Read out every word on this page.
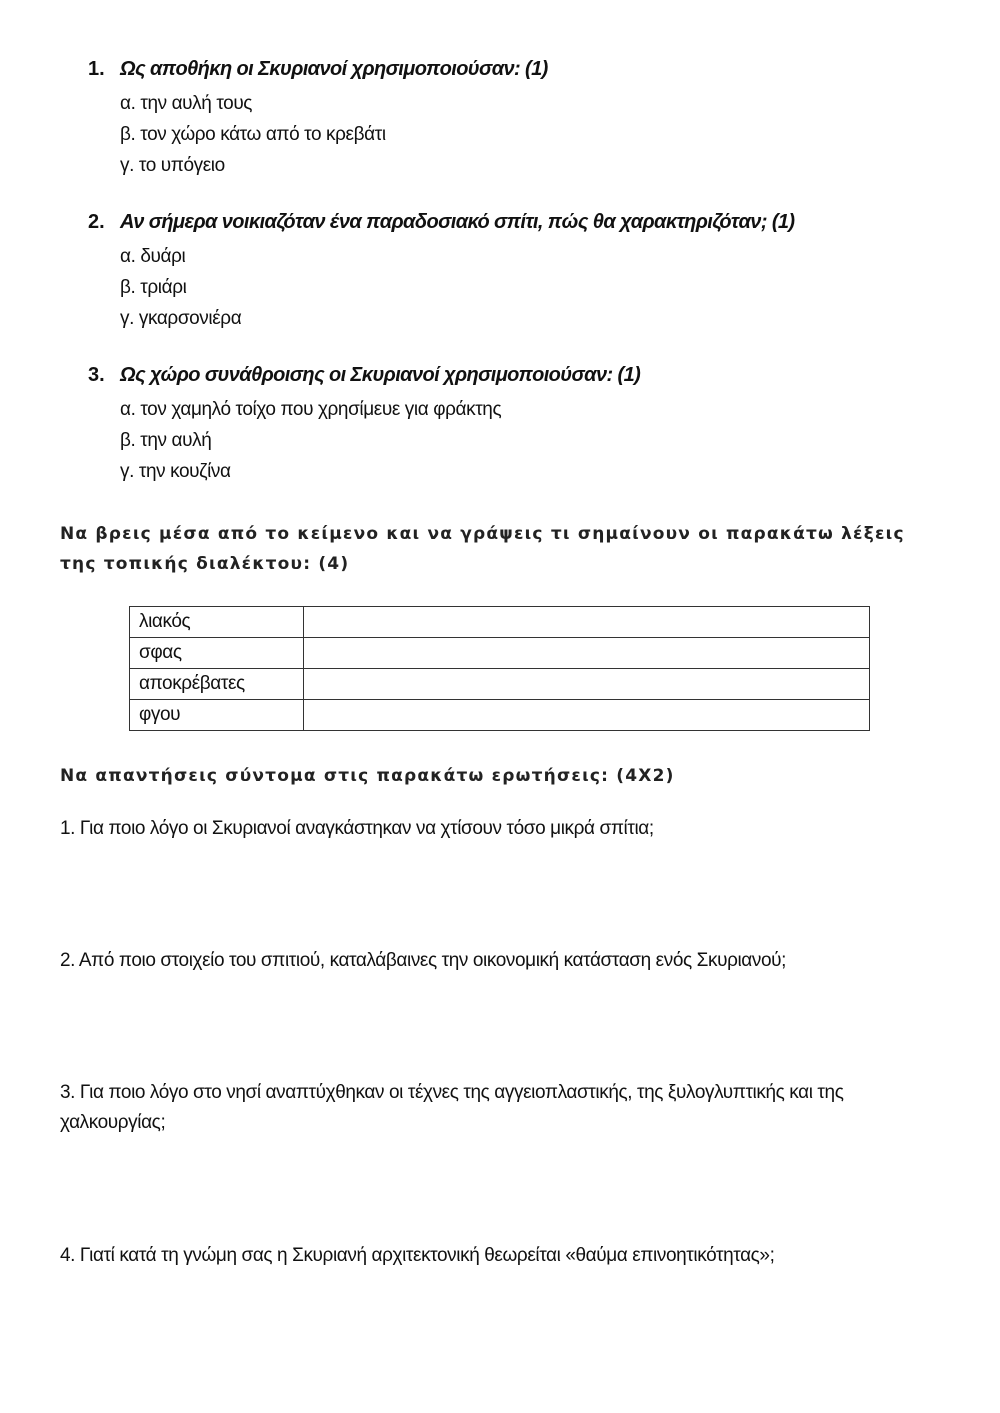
1. Ως αποθήκη οι Σκυριανοί χρησιμοποιούσαν: (1)
α. την αυλή τους
β. τον χώρο κάτω από το κρεβάτι
γ. το υπόγειο
2. Αν σήμερα νοικιαζόταν ένα παραδοσιακό σπίτι, πώς θα χαρακτηριζόταν; (1)
α. δυάρι
β. τριάρι
γ. γκαρσονιέρα
3. Ως χώρο συνάθροισης οι Σκυριανοί χρησιμοποιούσαν: (1)
α. τον χαμηλό τοίχο που χρησίμευε για φράκτης
β. την αυλή
γ. την κουζίνα
Να βρεις μέσα από το κείμενο και να γράψεις τι σημαίνουν οι παρακάτω λέξεις της τοπικής διαλέκτου: (4)
λιακός	
σφας	
αποκρέβατες	
φγου	
Να απαντήσεις σύντομα στις παρακάτω ερωτήσεις: (4Χ2)
1. Για ποιο λόγο οι Σκυριανοί αναγκάστηκαν να χτίσουν τόσο μικρά σπίτια;
2. Από ποιο στοιχείο του σπιτιού, καταλάβαινες την οικονομική κατάσταση ενός Σκυριανού;
3. Για ποιο λόγο στο νησί αναπτύχθηκαν οι τέχνες της αγγειοπλαστικής, της ξυλογλυπτικής και της χαλκουργίας;
4. Γιατί κατά τη γνώμη σας η Σκυριανή αρχιτεκτονική θεωρείται «θαύμα επινοητικότητας»;
